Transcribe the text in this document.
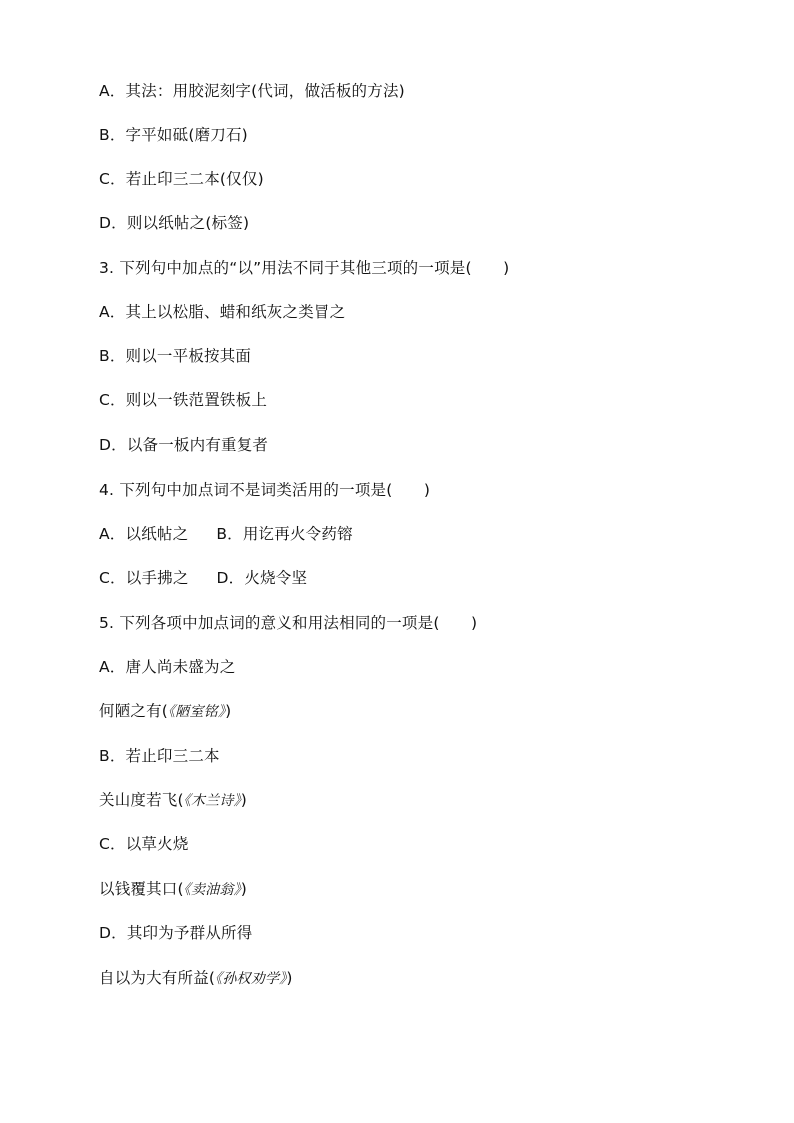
A．其法：用胶泥刻字(代词，做活板的方法)
B．字平如砥(磨刀石)
C．若止印三二本(仅仅)
D．则以纸帖之(标签)
3. 下列句中加点的“以”用法不同于其他三项的一项是(　　)
A．其上以松脂、蜡和纸灰之类冒之
B．则以一平板按其面
C．则以一铁范置铁板上
D．以备一板内有重复者
4. 下列句中加点词不是词类活用的一项是(　　)
A．以纸帖之 B．用讫再火令药镕
C．以手拂之 D．火烧令坚
5. 下列各项中加点词的意义和用法相同的一项是(　　)
A．唐人尚未盛为之
何陋之有(《陋室铭》)
B．若止印三二本
关山度若飞(《木兰诗》)
C．以草火烧
以钱覆其口(《卖油翁》)
D．其印为予群从所得
自以为大有所益(《孙权劝学》)
